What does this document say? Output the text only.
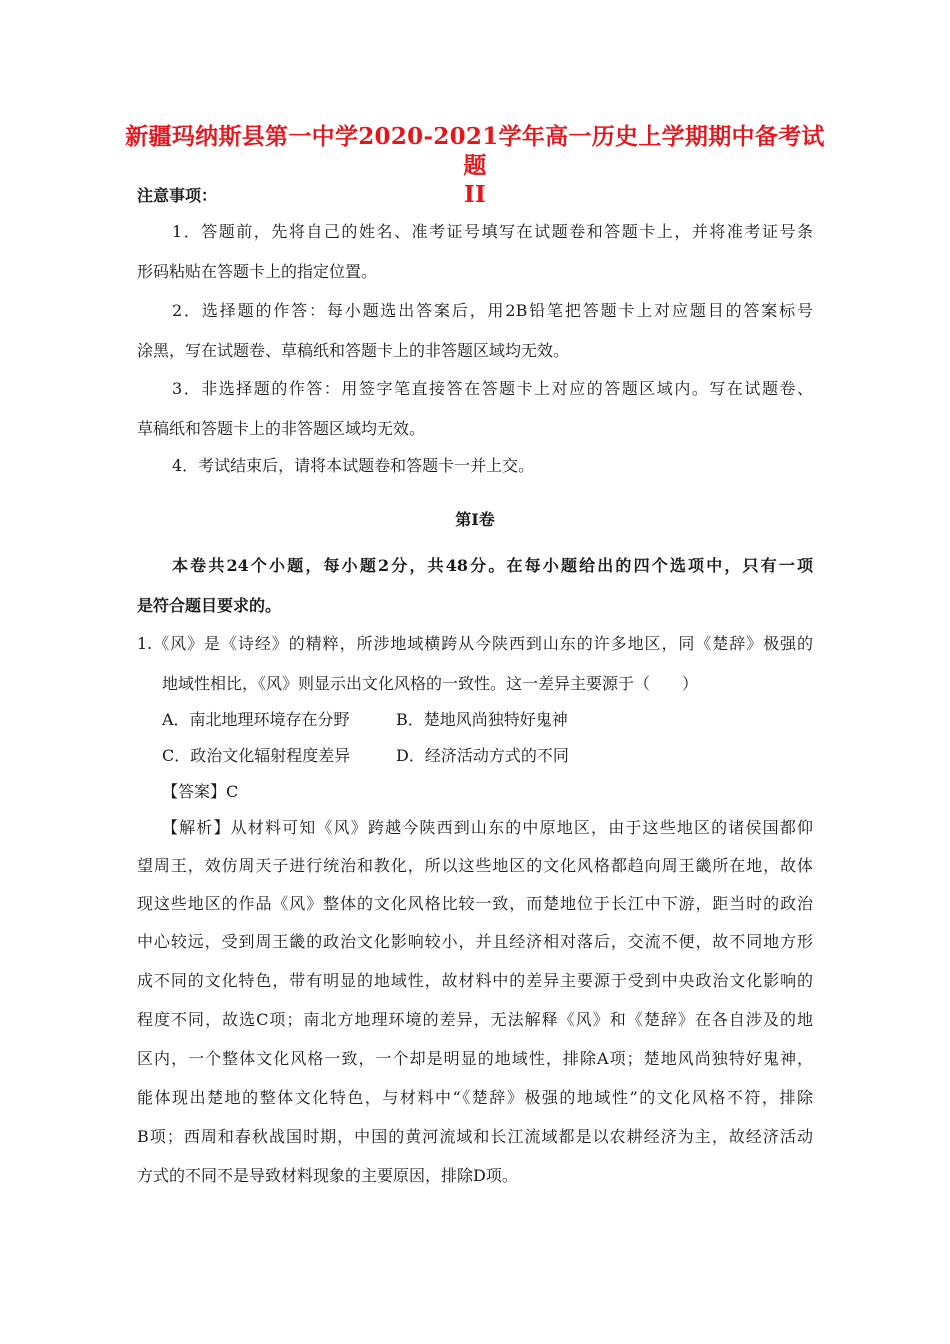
新疆玛纳斯县第一中学2020-2021学年高一历史上学期期中备考试题
II
注意事项：
1．答题前，先将自己的姓名、准考证号填写在试题卷和答题卡上，并将准考证号条
形码粘贴在答题卡上的指定位置。
2．选择题的作答：每小题选出答案后，用2B铅笔把答题卡上对应题目的答案标号
涂黑，写在试题卷、草稿纸和答题卡上的非答题区域均无效。
3．非选择题的作答：用签字笔直接答在答题卡上对应的答题区域内。写在试题卷、
草稿纸和答题卡上的非答题区域均无效。
4．考试结束后，请将本试题卷和答题卡一并上交。
第Ⅰ卷
本卷共24个小题，每小题2分，共48分。在每小题给出的四个选项中，只有一项
是符合题目要求的。
1.《风》是《诗经》的精粹，所涉地域横跨从今陕西到山东的许多地区，同《楚辞》极强的
地域性相比，《风》则显示出文化风格的一致性。这一差异主要源于（　　）
A．南北地理环境存在分野	B．楚地风尚独特好鬼神
C．政治文化辐射程度差异	D．经济活动方式的不同
【答案】C
【解析】从材料可知《风》跨越今陕西到山东的中原地区，由于这些地区的诸侯国都仰
望周王，效仿周天子进行统治和教化，所以这些地区的文化风格都趋向周王畿所在地，故体
现这些地区的作品《风》整体的文化风格比较一致，而楚地位于长江中下游，距当时的政治
中心较远，受到周王畿的政治文化影响较小，并且经济相对落后，交流不便，故不同地方形
成不同的文化特色，带有明显的地域性，故材料中的差异主要源于受到中央政治文化影响的
程度不同，故选C项；南北方地理环境的差异，无法解释《风》和《楚辞》在各自涉及的地
区内，一个整体文化风格一致，一个却是明显的地域性，排除A项；楚地风尚独特好鬼神，
能体现出楚地的整体文化特色，与材料中“《楚辞》极强的地域性”的文化风格不符，排除
B项；西周和春秋战国时期，中国的黄河流域和长江流域都是以农耕经济为主，故经济活动
方式的不同不是导致材料现象的主要原因，排除D项。
